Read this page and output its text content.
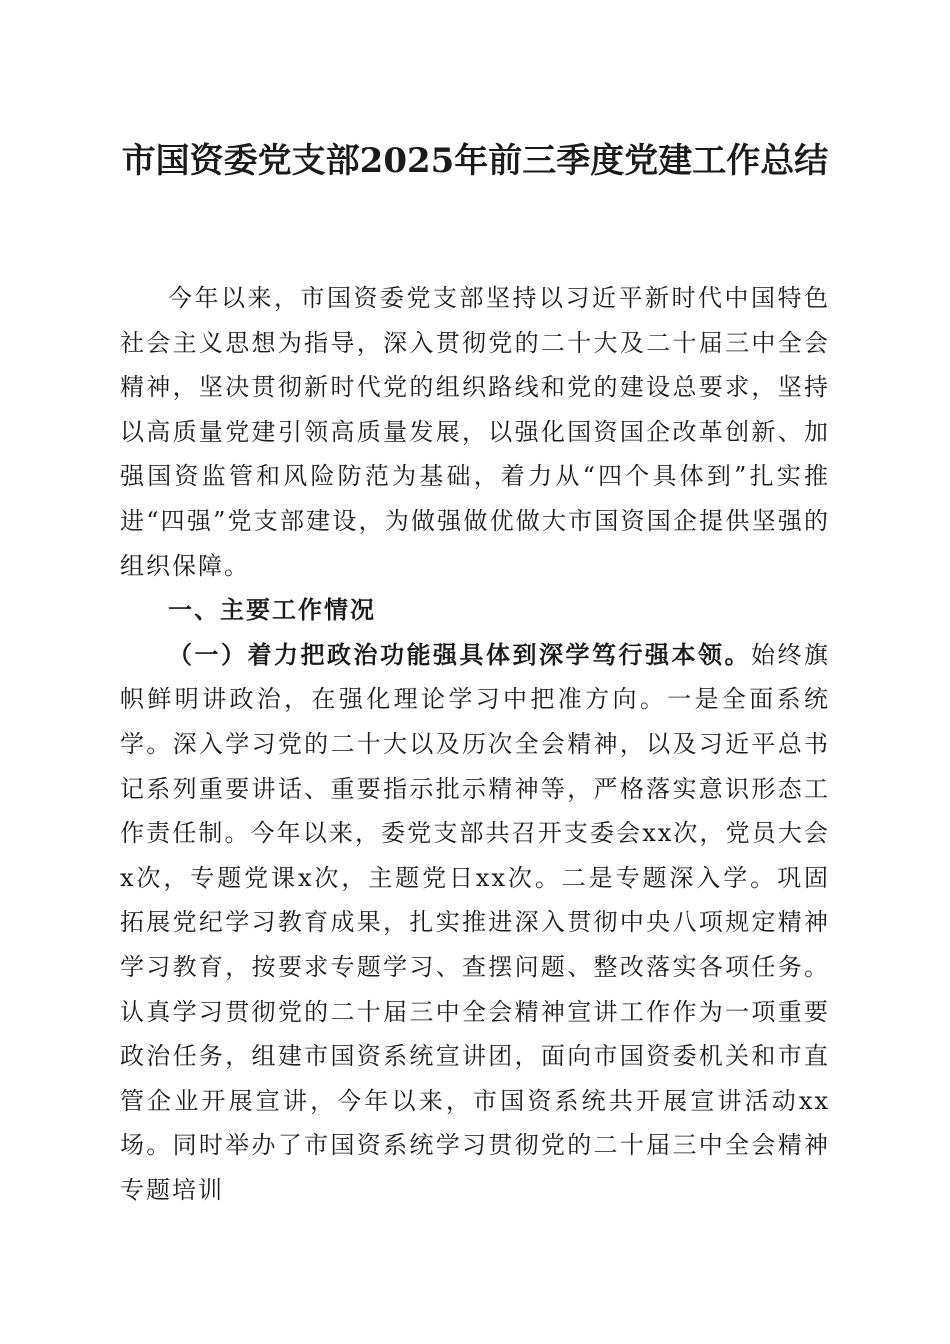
市国资委党支部2025年前三季度党建工作总结

今年以来，市国资委党支部坚持以习近平新时代中国特色社会主义思想为指导，深入贯彻党的二十大及二十届三中全会精神，坚决贯彻新时代党的组织路线和党的建设总要求，坚持以高质量党建引领高质量发展，以强化国资国企改革创新、加强国资监管和风险防范为基础，着力从“四个具体到”扎实推进“四强”党支部建设，为做强做优做大市国资国企提供坚强的组织保障。

一、主要工作情况

（一）着力把政治功能强具体到深学笃行强本领。始终旗帜鲜明讲政治，在强化理论学习中把准方向。一是全面系统学。深入学习党的二十大以及历次全会精神，以及习近平总书记系列重要讲话、重要指示批示精神等，严格落实意识形态工作责任制。今年以来，委党支部共召开支委会xx次，党员大会x次，专题党课x次，主题党日xx次。二是专题深入学。巩固拓展党纪学习教育成果，扎实推进深入贯彻中央八项规定精神学习教育，按要求专题学习、查摆问题、整改落实各项任务。认真学习贯彻党的二十届三中全会精神宣讲工作作为一项重要政治任务，组建市国资系统宣讲团，面向市国资委机关和市直管企业开展宣讲，今年以来，市国资系统共开展宣讲活动xx场。同时举办了市国资系统学习贯彻党的二十届三中全会精神专题培训
